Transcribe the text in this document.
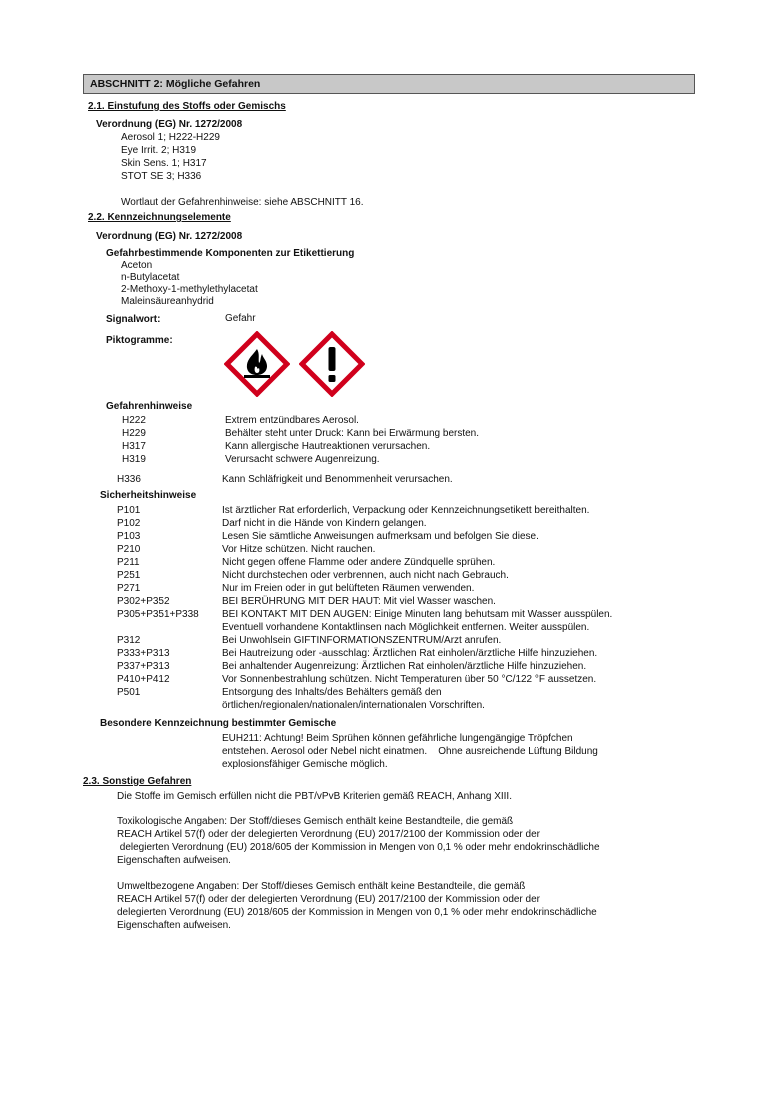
ABSCHNITT 2: Mögliche Gefahren
2.1. Einstufung des Stoffs oder Gemischs
Verordnung (EG) Nr. 1272/2008
Aerosol 1; H222-H229
Eye Irrit. 2; H319
Skin Sens. 1; H317
STOT SE 3; H336
Wortlaut der Gefahrenhinweise: siehe ABSCHNITT 16.
2.2. Kennzeichnungselemente
Verordnung (EG) Nr. 1272/2008
Gefahrbestimmende Komponenten zur Etikettierung
Aceton
n-Butylacetat
2-Methoxy-1-methylethylacetat
Maleinsäureanhydrid
Signalwort:	Gefahr
Piktogramme:
Gefahrenhinweise
H222	Extrem entzündbares Aerosol.
H229	Behälter steht unter Druck: Kann bei Erwärmung bersten.
H317	Kann allergische Hautreaktionen verursachen.
H319	Verursacht schwere Augenreizung.
H336	Kann Schläfrigkeit und Benommenheit verursachen.
Sicherheitshinweise
P101	Ist ärztlicher Rat erforderlich, Verpackung oder Kennzeichnungsetikett bereithalten.
P102	Darf nicht in die Hände von Kindern gelangen.
P103	Lesen Sie sämtliche Anweisungen aufmerksam und befolgen Sie diese.
P210	Vor Hitze schützen. Nicht rauchen.
P211	Nicht gegen offene Flamme oder andere Zündquelle sprühen.
P251	Nicht durchstechen oder verbrennen, auch nicht nach Gebrauch.
P271	Nur im Freien oder in gut belüfteten Räumen verwenden.
P302+P352	BEI BERÜHRUNG MIT DER HAUT: Mit viel Wasser waschen.
P305+P351+P338 BEI KONTAKT MIT DEN AUGEN: Einige Minuten lang behutsam mit Wasser ausspülen.
Eventuell vorhandene Kontaktlinsen nach Möglichkeit entfernen. Weiter ausspülen.
P312	Bei Unwohlsein GIFTINFORMATIONSZENTRUM/Arzt anrufen.
P333+P313	Bei Hautreizung oder -ausschlag: Ärztlichen Rat einholen/ärztliche Hilfe hinzuziehen.
P337+P313	Bei anhaltender Augenreizung: Ärztlichen Rat einholen/ärztliche Hilfe hinzuziehen.
P410+P412	Vor Sonnenbestrahlung schützen. Nicht Temperaturen über 50 °C/122 °F aussetzen.
P501	Entsorgung des Inhalts/des Behälters gemäß den
örtlichen/regionalen/nationalen/internationalen Vorschriften.
Besondere Kennzeichnung bestimmter Gemische
EUH211: Achtung! Beim Sprühen können gefährliche lungengängige Tröpfchen
entstehen. Aerosol oder Nebel nicht einatmen.    Ohne ausreichende Lüftung Bildung
explosionsfähiger Gemische möglich.
2.3. Sonstige Gefahren
Die Stoffe im Gemisch erfüllen nicht die PBT/vPvB Kriterien gemäß REACH, Anhang XIII.
Toxikologische Angaben: Der Stoff/dieses Gemisch enthält keine Bestandteile, die gemäß
REACH Artikel 57(f) oder der delegierten Verordnung (EU) 2017/2100 der Kommission oder der
delegierten Verordnung (EU) 2018/605 der Kommission in Mengen von 0,1 % oder mehr endokrinschädliche
Eigenschaften aufweisen.
Umweltbezogene Angaben: Der Stoff/dieses Gemisch enthält keine Bestandteile, die gemäß
REACH Artikel 57(f) oder der delegierten Verordnung (EU) 2017/2100 der Kommission oder der
delegierten Verordnung (EU) 2018/605 der Kommission in Mengen von 0,1 % oder mehr endokrinschädliche
Eigenschaften aufweisen.
